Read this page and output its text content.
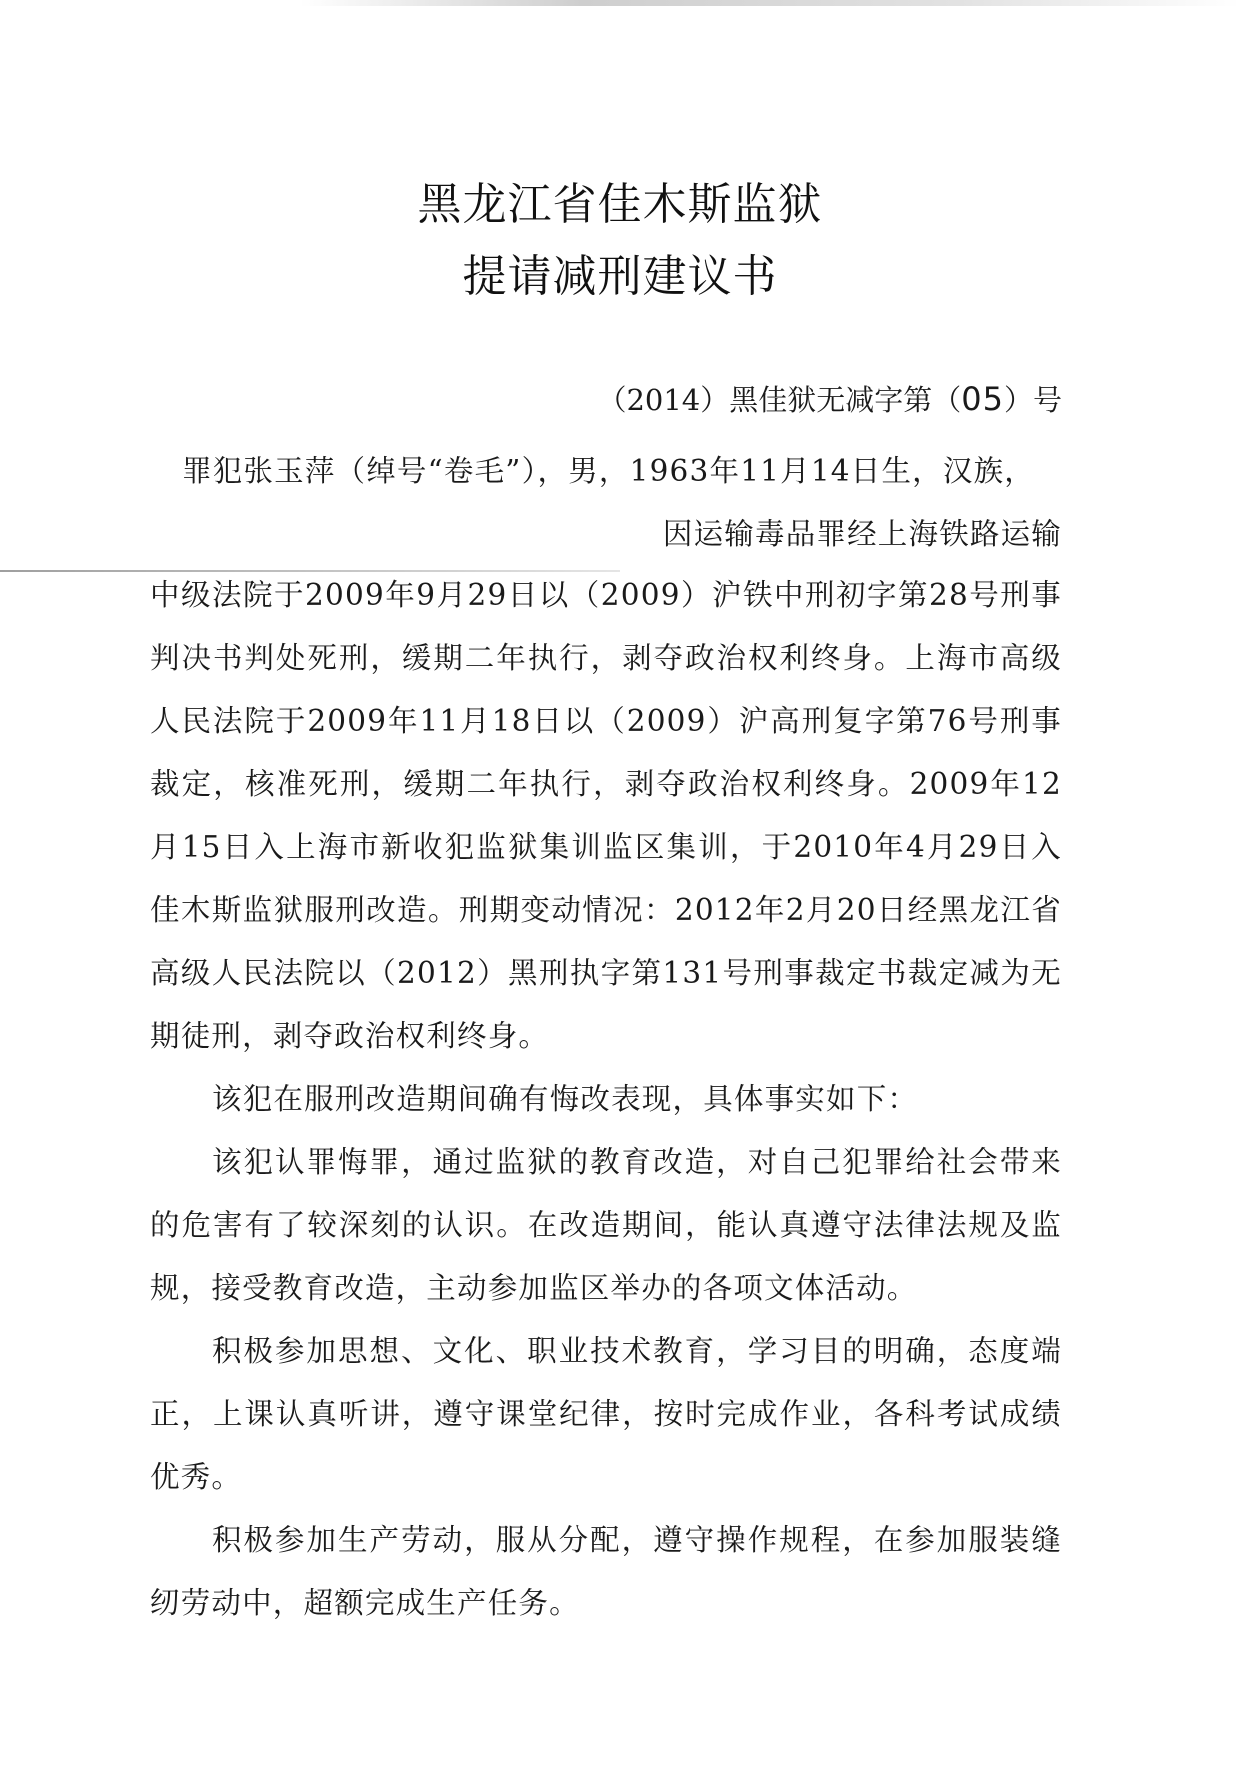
黑龙江省佳木斯监狱
提请减刑建议书
（2014）黑佳狱无减字第（05）号
罪犯张玉萍（绰号“卷毛”），男，1963年11月14日生，汉族，
因运输毒品罪经上海铁路运输
中级法院于2009年9月29日以（2009）沪铁中刑初字第28号刑事判决书判处死刑，缓期二年执行，剥夺政治权利终身。上海市高级人民法院于2009年11月18日以（2009）沪高刑复字第76号刑事裁定，核准死刑，缓期二年执行，剥夺政治权利终身。2009年12月15日入上海市新收犯监狱集训监区集训，于2010年4月29日入佳木斯监狱服刑改造。刑期变动情况：2012年2月20日经黑龙江省高级人民法院以（2012）黑刑执字第131号刑事裁定书裁定减为无期徒刑，剥夺政治权利终身。
该犯在服刑改造期间确有悔改表现，具体事实如下：
该犯认罪悔罪，通过监狱的教育改造，对自己犯罪给社会带来的危害有了较深刻的认识。在改造期间，能认真遵守法律法规及监规，接受教育改造，主动参加监区举办的各项文体活动。
积极参加思想、文化、职业技术教育，学习目的明确，态度端正，上课认真听讲，遵守课堂纪律，按时完成作业，各科考试成绩优秀。
积极参加生产劳动，服从分配，遵守操作规程，在参加服装缝纫劳动中，超额完成生产任务。
